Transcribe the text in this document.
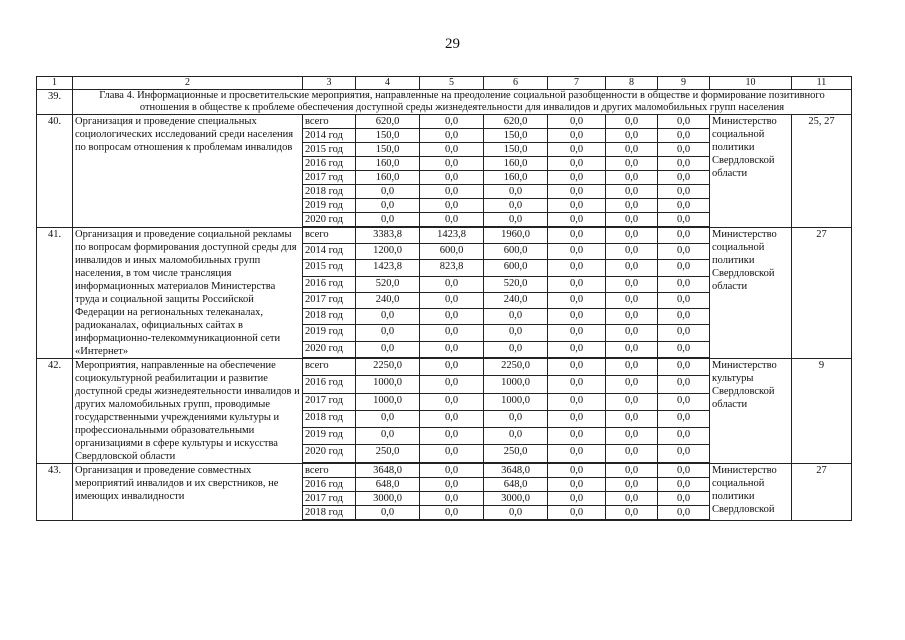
29
1	2	3	4	5	6	7	8	9	10	11
39.	Глава 4. Информационные и просветительские мероприятия, направленные на преодоление социальной разобщенности в обществе и формирование позитивного отношения в обществе к проблеме обеспечения доступной среды жизнедеятельности для инвалидов и других маломобильных групп населения									
40.	Организация и проведение специальных социологических исследований среди населения по вопросам отношения к проблемам инвалидов	всего	620,0	0,0	620,0	0,0	0,0	0,0	Министерство социальной политики Свердловской области	25, 27
		2014 год	150,0	0,0	150,0	0,0	0,0	0,0		
		2015 год	150,0	0,0	150,0	0,0	0,0	0,0		
		2016 год	160,0	0,0	160,0	0,0	0,0	0,0		
		2017 год	160,0	0,0	160,0	0,0	0,0	0,0		
		2018 год	0,0	0,0	0,0	0,0	0,0	0,0		
		2019 год	0,0	0,0	0,0	0,0	0,0	0,0		
		2020 год	0,0	0,0	0,0	0,0	0,0	0,0		

41.	Организация и проведение социальной рекламы по вопросам формирования доступной среды для инвалидов и иных маломобильных групп населения, в том числе трансляция информационных материалов Министерства труда и социальной защиты Российской Федерации на региональных телеканалах, радиоканалах, официальных сайтах в информационно-телекоммуникационной сети «Интернет»	всего	3383,8	1423,8	1960,0	0,0	0,0	0,0	Министерство социальной политики Свердловской области	27
		2014 год	1200,0	600,0	600,0	0,0	0,0	0,0		
		2015 год	1423,8	823,8	600,0	0,0	0,0	0,0		
		2016 год	520,0	0,0	520,0	0,0	0,0	0,0		
		2017 год	240,0	0,0	240,0	0,0	0,0	0,0		
		2018 год	0,0	0,0	0,0	0,0	0,0	0,0		
		2019 год	0,0	0,0	0,0	0,0	0,0	0,0		
		2020 год	0,0	0,0	0,0	0,0	0,0	0,0		

42.	Мероприятия, направленные на обеспечение социокультурной реабилитации и развитие доступной среды жизнедеятельности инвалидов и других маломобильных групп, проводимые государственными учреждениями культуры и профессиональными образовательными организациями в сфере культуры и искусства Свердловской области	всего	2250,0	0,0	2250,0	0,0	0,0	0,0	Министерство культуры Свердловской области	9
		2016 год	1000,0	0,0	1000,0	0,0	0,0	0,0		
		2017 год	1000,0	0,0	1000,0	0,0	0,0	0,0		
		2018 год	0,0	0,0	0,0	0,0	0,0	0,0		
		2019 год	0,0	0,0	0,0	0,0	0,0	0,0		
		2020 год	250,0	0,0	250,0	0,0	0,0	0,0		

43.	Организация и проведение совместных мероприятий инвалидов и их сверстников, не имеющих инвалидности	всего	3648,0	0,0	3648,0	0,0	0,0	0,0	Министерство социальной политики Свердловской	27
		2016 год	648,0	0,0	648,0	0,0	0,0	0,0		
		2017 год	3000,0	0,0	3000,0	0,0	0,0	0,0		
		2018 год	0,0	0,0	0,0	0,0	0,0	0,0		
